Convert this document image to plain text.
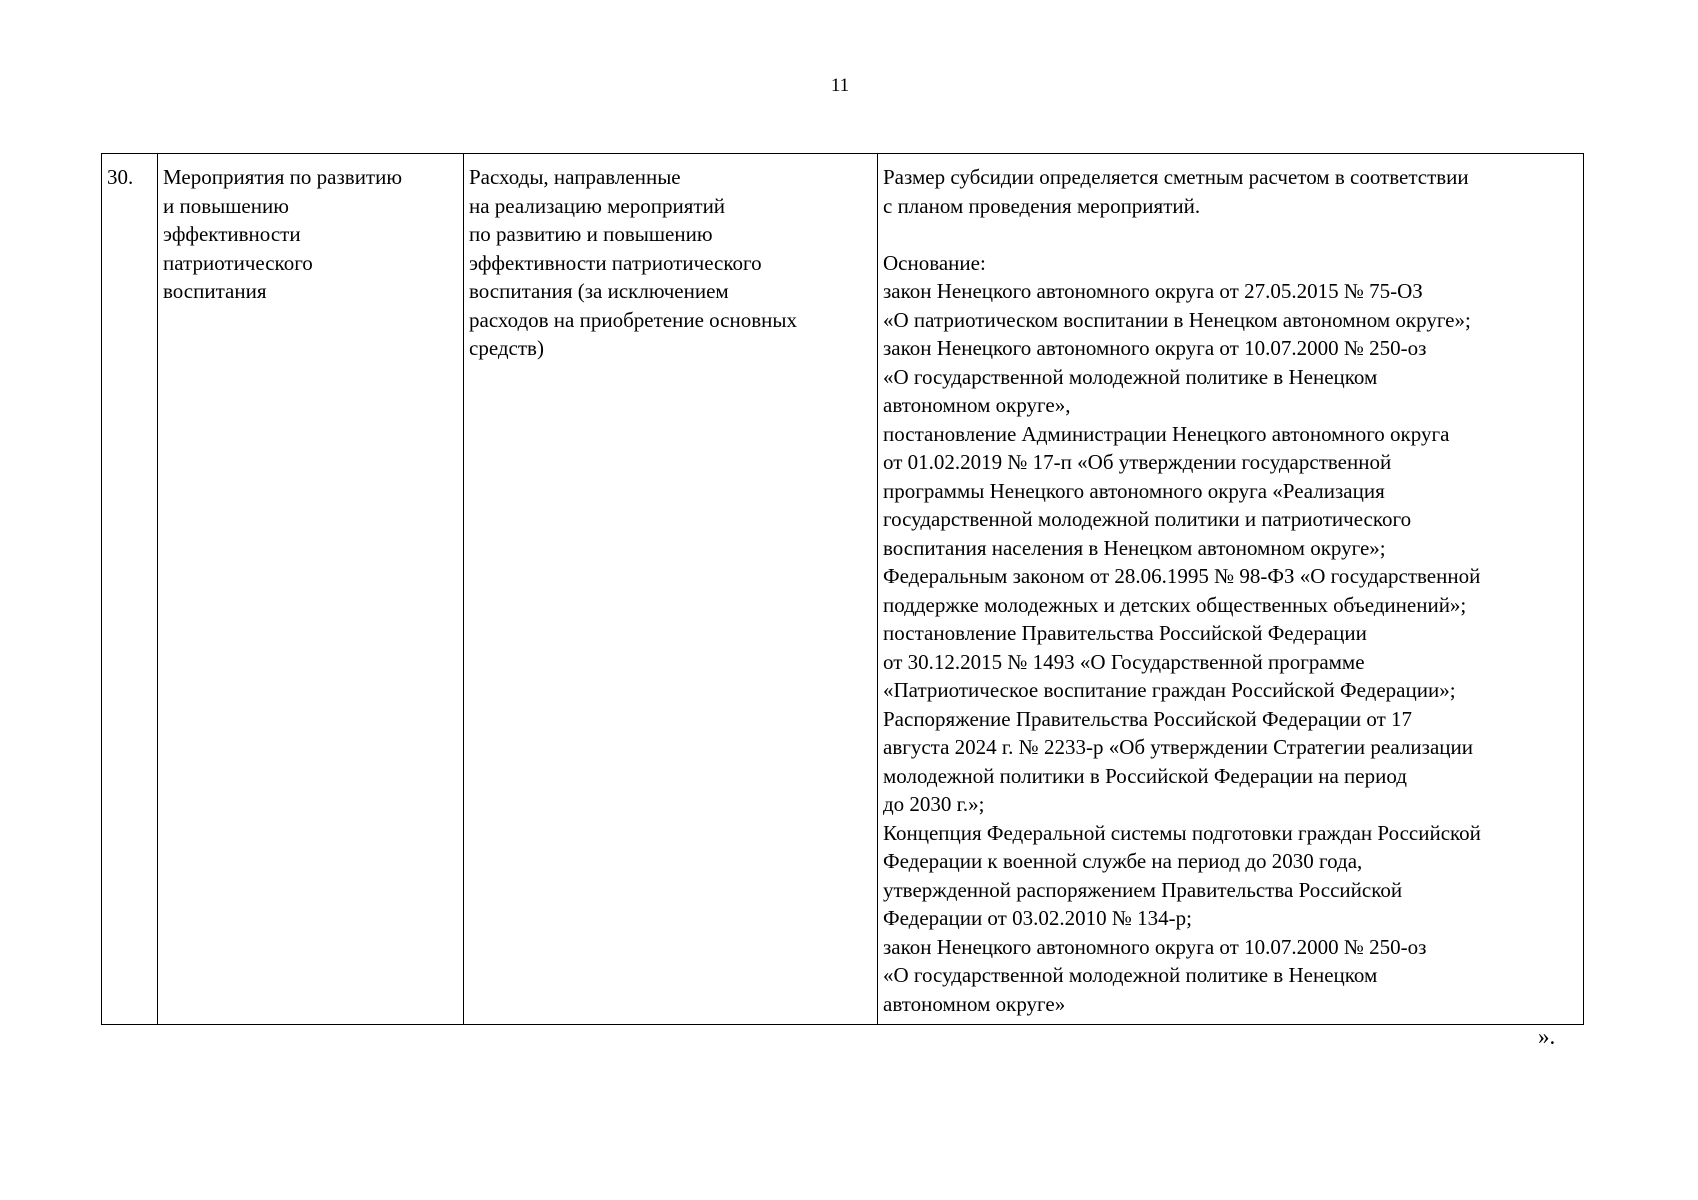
11
30.	Мероприятия по развитию
и повышению
эффективности
патриотического
воспитания	Расходы, направленные
на реализацию мероприятий
по развитию и повышению
эффективности патриотического
воспитания (за исключением
расходов на приобретение основных
средств)	Размер субсидии определяется сметным расчетом в соответствии
с планом проведения мероприятий.

Основание:
закон Ненецкого автономного округа от 27.05.2015 № 75-ОЗ
«О патриотическом воспитании в Ненецком автономном округе»;
закон Ненецкого автономного округа от 10.07.2000 № 250-оз
«О государственной молодежной политике в Ненецком
автономном округе»,
постановление Администрации Ненецкого автономного округа
от 01.02.2019 № 17-п «Об утверждении государственной
программы Ненецкого автономного округа «Реализация
государственной молодежной политики и патриотического
воспитания населения в Ненецком автономном округе»;
Федеральным законом от 28.06.1995 № 98-ФЗ «О государственной
поддержке молодежных и детских общественных объединений»;
постановление Правительства Российской Федерации
от 30.12.2015 № 1493 «О Государственной программе
«Патриотическое воспитание граждан Российской Федерации»;
Распоряжение Правительства Российской Федерации от 17
августа 2024 г. № 2233-р «Об утверждении Стратегии реализации
молодежной политики в Российской Федерации на период
до 2030 г.»;
Концепция Федеральной системы подготовки граждан Российской
Федерации к военной службе на период до 2030 года,
утвержденной распоряжением Правительства Российской
Федерации от 03.02.2010 № 134-р;
закон Ненецкого автономного округа от 10.07.2000 № 250-оз
«О государственной молодежной политике в Ненецком
автономном округе»
».
